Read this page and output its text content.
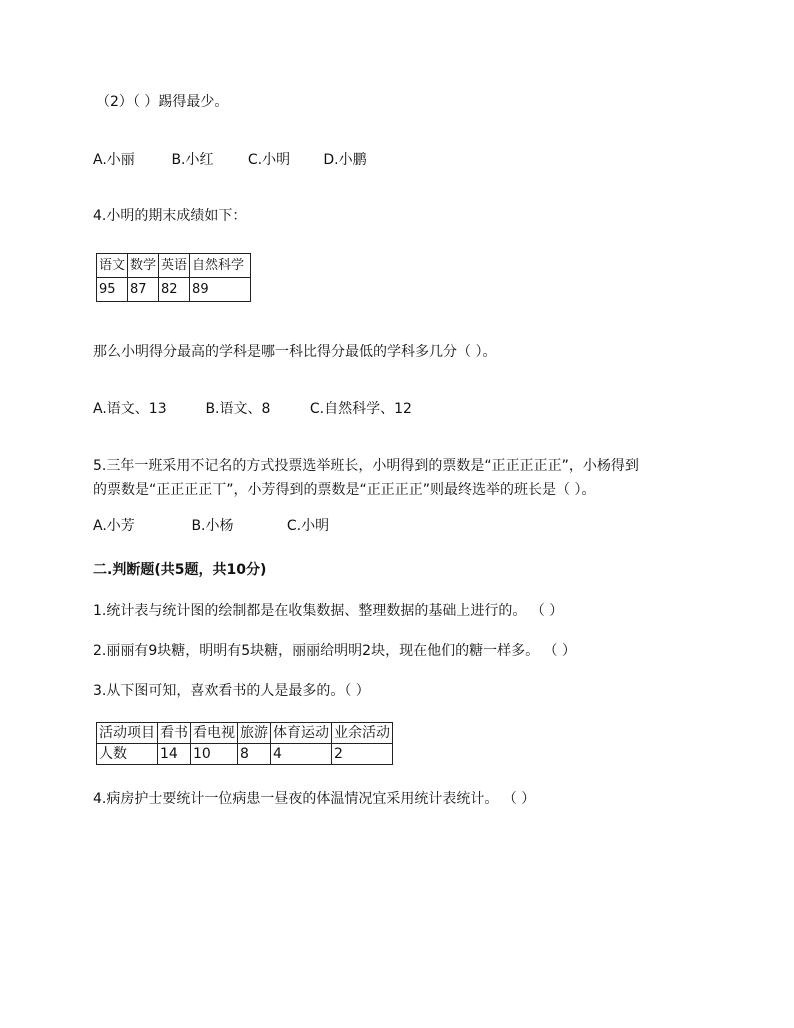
（2）（ ）踢得最少。
A.小丽	B.小红 C.小明 D.小鹏
4.小明的期末成绩如下：
语文	数学	英语	自然科学
95	87	82	89
那么小明得分最高的学科是哪一科比得分最低的学科多几分（ ）。
A.语文、13	B.语文、8	C.自然科学、12
5.三年一班采用不记名的方式投票选举班长，小明得到的票数是“正正正正正”，小杨得到
的票数是“正正正正丅”，小芳得到的票数是“正正正正”则最终选举的班长是（ ）。
A.小芳	B.小杨	C.小明
二.判断题(共5题，共10分)
1.统计表与统计图的绘制都是在收集数据、整理数据的基础上进行的。 （ ）
2.丽丽有9块糖，明明有5块糖，丽丽给明明2块，现在他们的糖一样多。 （ ）
3.从下图可知，喜欢看书的人是最多的。（ ）
活动项目	看书	看电视	旅游	体育运动	业余活动
人数	14	10	8	4	2
4.病房护士要统计一位病患一昼夜的体温情况宜采用统计表统计。 （ ）
